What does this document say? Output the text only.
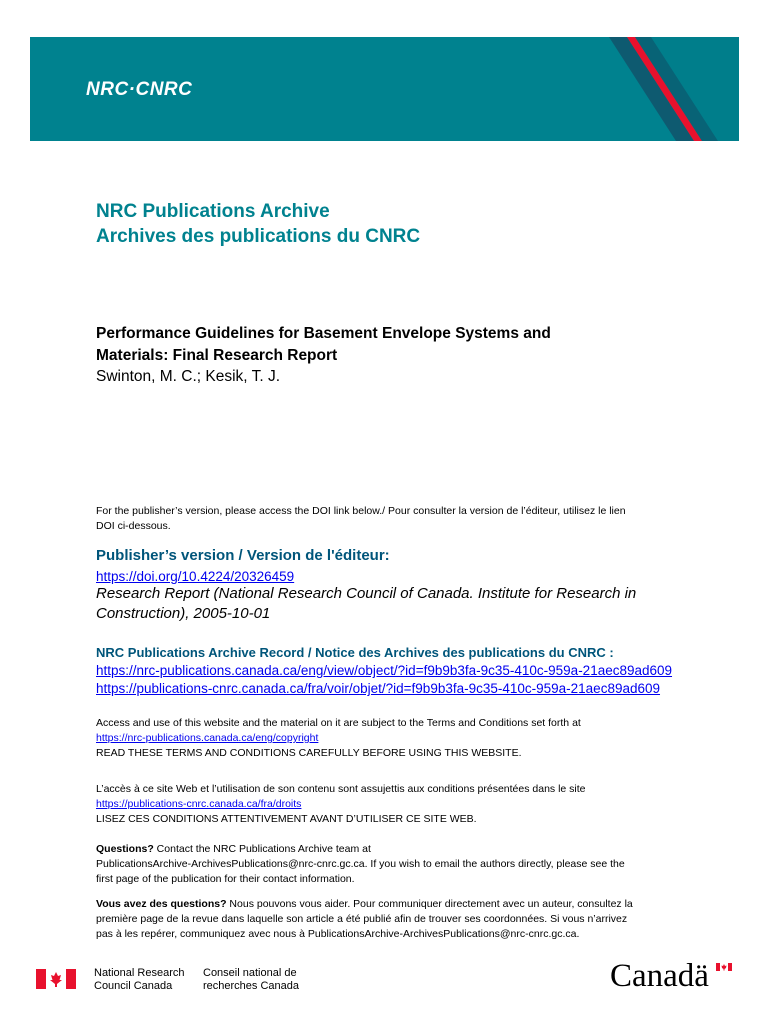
NRC·CNRC
NRC Publications Archive
Archives des publications du CNRC
Performance Guidelines for Basement Envelope Systems and
Materials: Final Research Report
Swinton, M. C.; Kesik, T. J.
For the publisher’s version, please access the DOI link below./ Pour consulter la version de l’éditeur, utilisez le lien
DOI ci-dessous.
Publisher’s version / Version de l'éditeur:
https://doi.org/10.4224/20326459
Research Report (National Research Council of Canada. Institute for Research in
Construction), 2005-10-01
NRC Publications Archive Record / Notice des Archives des publications du CNRC :
https://nrc-publications.canada.ca/eng/view/object/?id=f9b9b3fa-9c35-410c-959a-21aec89ad609
https://publications-cnrc.canada.ca/fra/voir/objet/?id=f9b9b3fa-9c35-410c-959a-21aec89ad609
Access and use of this website and the material on it are subject to the Terms and Conditions set forth at
https://nrc-publications.canada.ca/eng/copyright
READ THESE TERMS AND CONDITIONS CAREFULLY BEFORE USING THIS WEBSITE.
L’accès à ce site Web et l’utilisation de son contenu sont assujettis aux conditions présentées dans le site
https://publications-cnrc.canada.ca/fra/droits
LISEZ CES CONDITIONS ATTENTIVEMENT AVANT D’UTILISER CE SITE WEB.
Questions? Contact the NRC Publications Archive team at
PublicationsArchive-ArchivesPublications@nrc-cnrc.gc.ca. If you wish to email the authors directly, please see the
first page of the publication for their contact information.
Vous avez des questions? Nous pouvons vous aider. Pour communiquer directement avec un auteur, consultez la
première page de la revue dans laquelle son article a été publié afin de trouver ses coordonnées. Si vous n’arrivez
pas à les repérer, communiquez avec nous à PublicationsArchive-ArchivesPublications@nrc-cnrc.gc.ca.
National Research
Council Canada
Conseil national de
recherches Canada	Canadä
